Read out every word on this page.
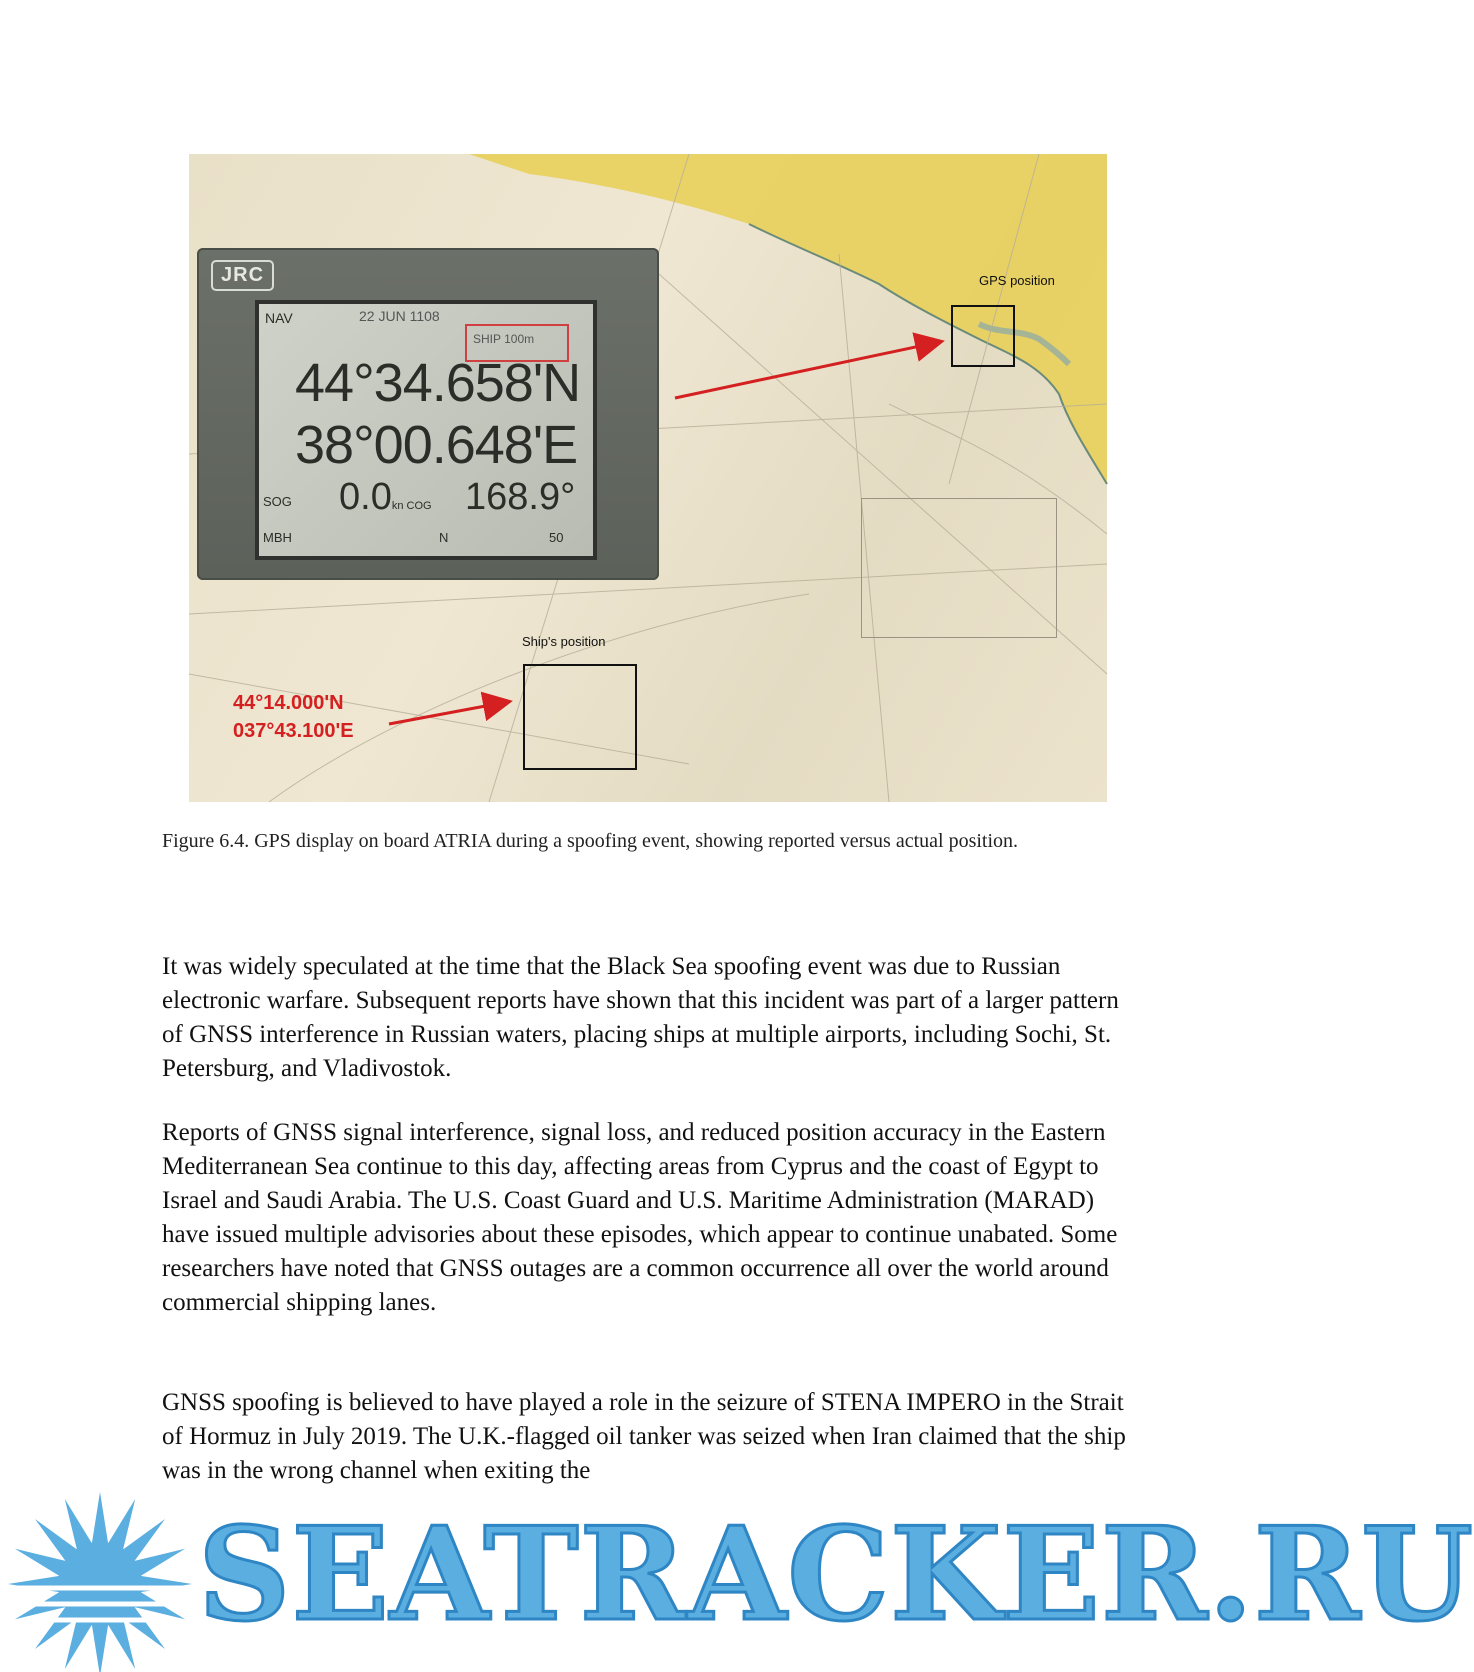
JRC
NAV	22 JUN 1108
SHIP 100m
44°34.658'N
38°00.648'E
SOG 0.0kn COG 168.9°
MBH	N	50
GPS position
Ship's position
44°14.000'N
037°43.100'E
Figure 6.4. GPS display on board ATRIA during a spoofing event, showing reported versus actual position.

It was widely speculated at the time that the Black Sea spoofing event was due to Russian electronic warfare. Subsequent reports have shown that this incident was part of a larger pattern of GNSS interference in Russian waters, placing ships at multiple airports, including Sochi, St. Petersburg, and Vladivostok.

Reports of GNSS signal interference, signal loss, and reduced position accuracy in the Eastern Mediterranean Sea continue to this day, affecting areas from Cyprus and the coast of Egypt to Israel and Saudi Arabia. The U.S. Coast Guard and U.S. Maritime Administration (MARAD) have issued multiple advisories about these episodes, which appear to continue unabated. Some researchers have noted that GNSS outages are a common occurrence all over the world around commercial shipping lanes.

GNSS spoofing is believed to have played a role in the seizure of STENA IMPERO in the Strait of Hormuz in July 2019. The U.K.-flagged oil tanker was seized when Iran claimed that the ship was in the wrong channel when exiting the

SEATRACKER.RU
